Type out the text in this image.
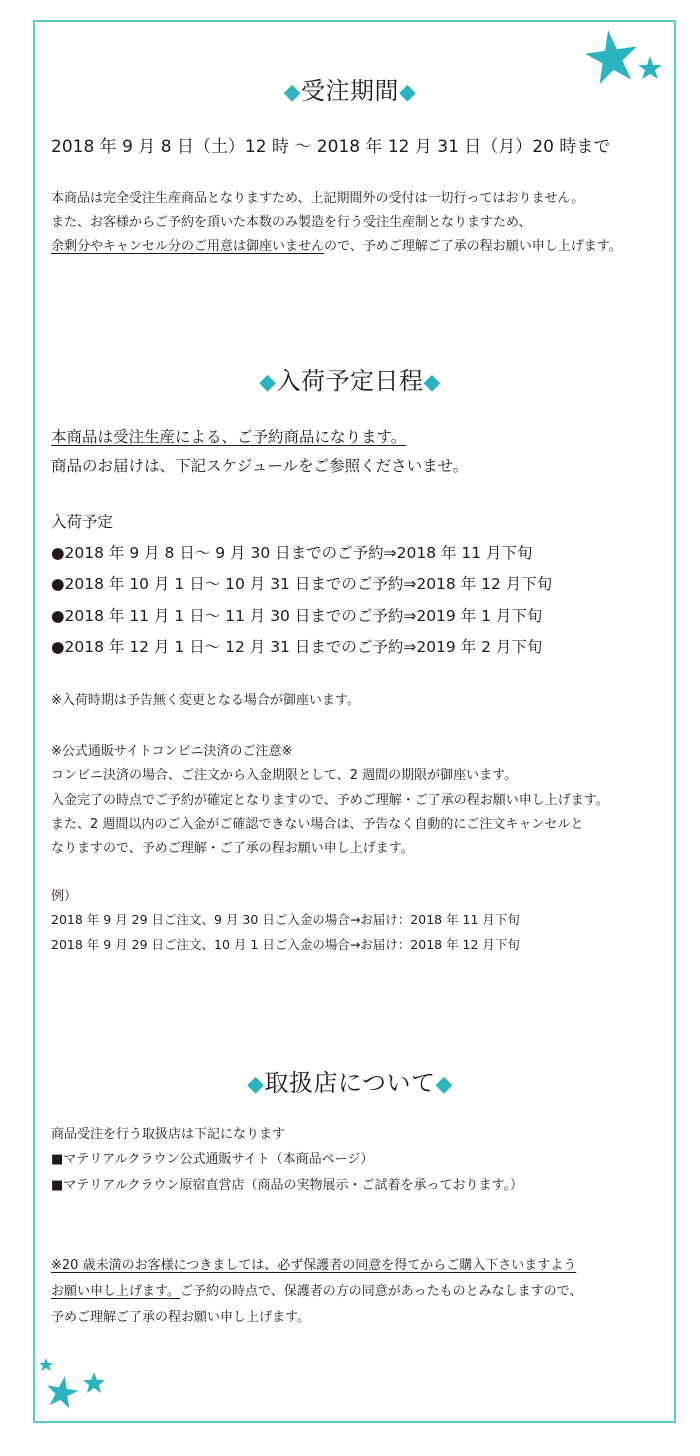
◆受注期間◆
2018 年 9 月 8 日（土）12 時 〜 2018 年 12 月 31 日（月）20 時まで
本商品は完全受注生産商品となりますため、上記期間外の受付は一切行ってはおりません。
また、お客様からご予約を頂いた本数のみ製造を行う受注生産制となりますため、
余剰分やキャンセル分のご用意は御座いませんので、予めご理解ご了承の程お願い申し上げます。
◆入荷予定日程◆
本商品は受注生産による、ご予約商品になります。
商品のお届けは、下記スケジュールをご参照くださいませ。
入荷予定
●2018 年 9 月 8 日〜 9 月 30 日までのご予約⇒2018 年 11 月下旬
●2018 年 10 月 1 日〜 10 月 31 日までのご予約⇒2018 年 12 月下旬
●2018 年 11 月 1 日〜 11 月 30 日までのご予約⇒2019 年 1 月下旬
●2018 年 12 月 1 日〜 12 月 31 日までのご予約⇒2019 年 2 月下旬
※入荷時期は予告無く変更となる場合が御座います。
※公式通販サイトコンビニ決済のご注意※
コンビニ決済の場合、ご注文から入金期限として、2 週間の期限が御座います。
入金完了の時点でご予約が確定となりますので、予めご理解・ご了承の程お願い申し上げます。
また、2 週間以内のご入金がご確認できない場合は、予告なく自動的にご注文キャンセルと
なりますので、予めご理解・ご了承の程お願い申し上げます。
例）
2018 年 9 月 29 日ご注文、9 月 30 日ご入金の場合→お届け：2018 年 11 月下旬
2018 年 9 月 29 日ご注文、10 月 1 日ご入金の場合→お届け：2018 年 12 月下旬
◆取扱店について◆
商品受注を行う取扱店は下記になります
■マテリアルクラウン公式通販サイト（本商品ページ）
■マテリアルクラウン原宿直営店（商品の実物展示・ご試着を承っております。）
※20 歳未満のお客様につきましては、必ず保護者の同意を得てからご購入下さいますよう
お願い申し上げます。ご予約の時点で、保護者の方の同意があったものとみなしますので、
予めご理解ご了承の程お願い申し上げます。
